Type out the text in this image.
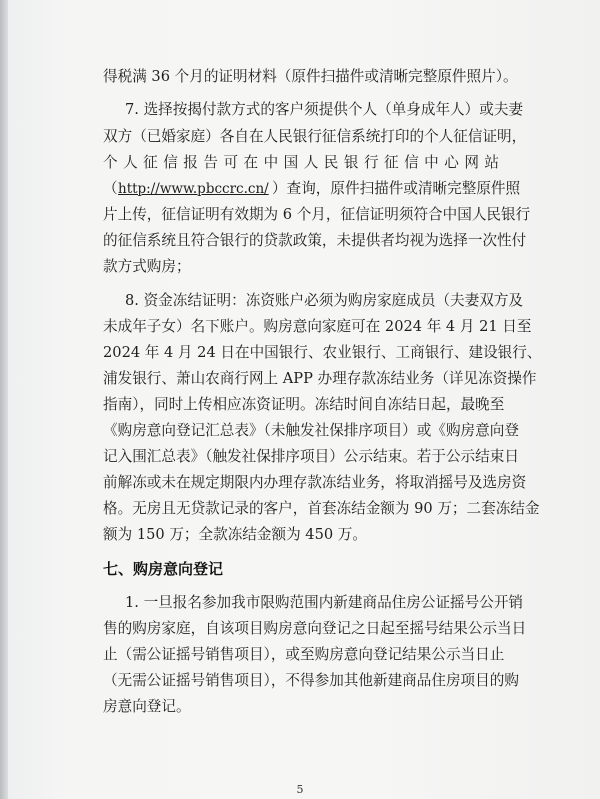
得税满 36 个月的证明材料（原件扫描件或清晰完整原件照片）。
7. 选择按揭付款方式的客户须提供个人（单身成年人）或夫妻
双方（已婚家庭）各自在人民银行征信系统打印的个人征信证明，
个人征信报告可在中国人民银行征信中心网站
（ http://www.pbccrc.cn/ ）查询，原件扫描件或清晰完整原件照
片上传，征信证明有效期为 6 个月，征信证明须符合中国人民银行
的征信系统且符合银行的贷款政策，未提供者均视为选择一次性付
款方式购房；
8. 资金冻结证明：冻资账户必须为购房家庭成员（夫妻双方及
未成年子女）名下账户。购房意向家庭可在 2024 年 4 月 21 日至
2024 年 4 月 24 日在中国银行、农业银行、工商银行、建设银行、
浦发银行、萧山农商行网上 APP 办理存款冻结业务（详见冻资操作
指南），同时上传相应冻资证明。冻结时间自冻结日起，最晚至
《购房意向登记汇总表》（未触发社保排序项目）或《购房意向登
记入围汇总表》（触发社保排序项目）公示结束。若于公示结束日
前解冻或未在规定期限内办理存款冻结业务，将取消摇号及选房资
格。无房且无贷款记录的客户，首套冻结金额为 90 万；二套冻结金
额为 150 万；全款冻结金额为 450 万。
七、购房意向登记
1. 一旦报名参加我市限购范围内新建商品住房公证摇号公开销
售的购房家庭，自该项目购房意向登记之日起至摇号结果公示当日
止（需公证摇号销售项目），或至购房意向登记结果公示当日止
（无需公证摇号销售项目），不得参加其他新建商品住房项目的购
房意向登记。
5
